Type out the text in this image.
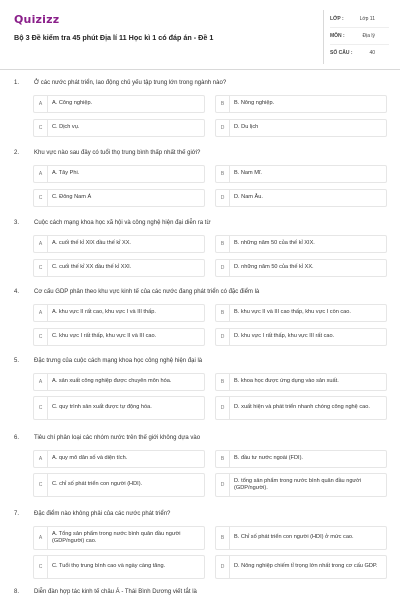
Quizizz
Bộ 3 Đề kiểm tra 45 phút Địa lí 11 Học kì 1 có đáp án - Đề 1
LỚP :	Lớp 11
MÔN :	Địa lý
SỐ CÂU :	40
1.	Ở các nước phát triển, lao động chủ yếu tập trung lớn trong ngành nào?
A	A. Công nghiệp.	B	B. Nông nghiệp.
C	C. Dịch vụ.	D	D. Du lịch
2.	Khu vực nào sau đây có tuổi thọ trung bình thấp nhất thế giới?
A	A. Tây Phi.	B	B. Nam Mĩ.
C	C. Đông Nam Á	D	D. Nam Âu.
3.	Cuộc cách mạng khoa học xã hội và công nghệ hiện đại diễn ra từ
A	A. cuối thế kỉ XIX đầu thế kỉ XX.	B	B. những năm 50 của thế kỉ XIX.
C	C. cuối thế kỉ XX đầu thế kỉ XXI.	D	D. những năm 50 của thế kỉ XX.
4.	Cơ cấu GDP phân theo khu vực kinh tế của các nước đang phát triển có đặc điểm là
A	A. khu vực II rất cao, khu vực I và III thấp.	B	B. khu vực II và III cao thấp, khu vực I còn cao.
C	C. khu vực I rất thấp, khu vực II và III cao.	D	D. khu vực I rất thấp, khu vực III rất cao.
5.	Đặc trưng của cuộc cách mạng khoa học công nghệ hiện đại là
A	A. sản xuất công nghiệp được chuyên môn hóa.	B	B. khoa học được ứng dụng vào sản xuất.
C	C. quy trình sản xuất được tự động hóa.	D	D. xuất hiện và phát triển nhanh chóng công nghệ cao.
6.	Tiêu chí phân loại các nhóm nước trên thế giới không dựa vào
A	A. quy mô dân số và diện tích.	B	B. đầu tư nước ngoài (FDI).
C	C. chỉ số phát triển con người (HDI).	D
D. tổng sản phẩm trong nước bình quân đầu người (GDP/người).
7.	Đặc điểm nào không phải của các nước phát triển?
A
A. Tổng sản phẩm trong nước bình quân đầu người (GDP/người) cao.	B	B. Chỉ số phát triển con người (HDI) ở mức cao.
C	C. Tuổi thọ trung bình cao và ngày càng tăng.	D	D. Nông nghiệp chiếm tỉ trọng lớn nhất trong cơ cấu GDP.
8.	Diễn đàn hợp tác kinh tế châu Á - Thái Bình Dương viết tắt là
